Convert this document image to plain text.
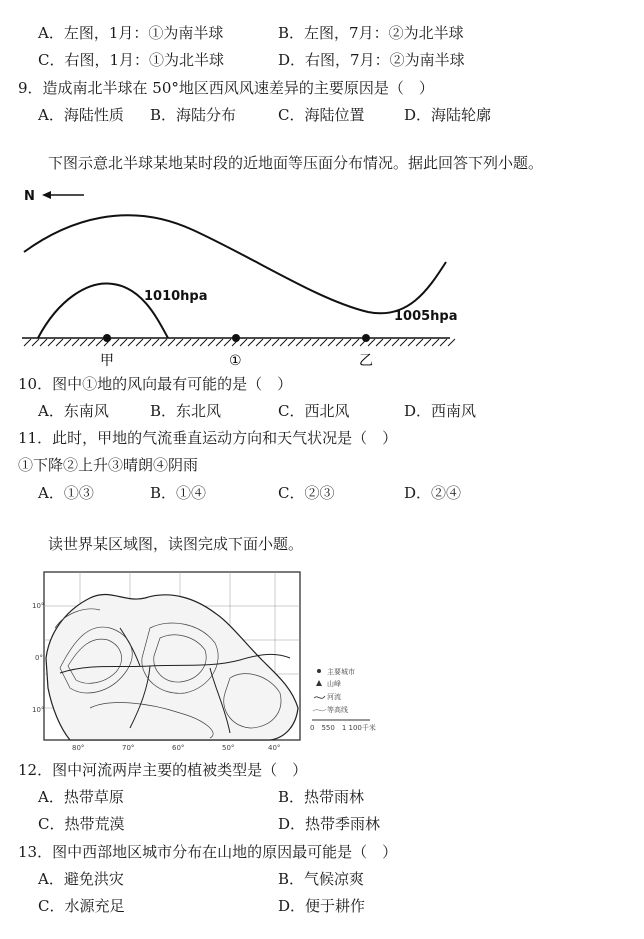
A．左图，1月：①为南半球	B．左图，7月：②为北半球
C．右图，1月：①为北半球	D．右图，7月：②为南半球
9．造成南北半球在 50°地区西风风速差异的主要原因是（　）
A．海陆性质 B．海陆分布	C．海陆位置	D．海陆轮廓
下图示意北半球某地某时段的近地面等压面分布情况。据此回答下列小题。
N
1010hpa
1005hpa
甲	①	乙
10．图中①地的风向最有可能的是（　）
A．东南风	B．东北风	C．西北风	D．西南风
11．此时，甲地的气流垂直运动方向和天气状况是（　）
①下降②上升③晴朗④阴雨
A．①③	B．①④	C．②③	D．②④
读世界某区域图，读图完成下面小题。
10°
0°
10°
80°	70°	60°	50°	40°
主要城市
山峰
河流
等高线
0　550　1 100千米
12．图中河流两岸主要的植被类型是（　）
A．热带草原	B．热带雨林
C．热带荒漠	D．热带季雨林
13．图中西部地区城市分布在山地的原因最可能是（　）
A．避免洪灾	B．气候凉爽
C．水源充足	D．便于耕作
